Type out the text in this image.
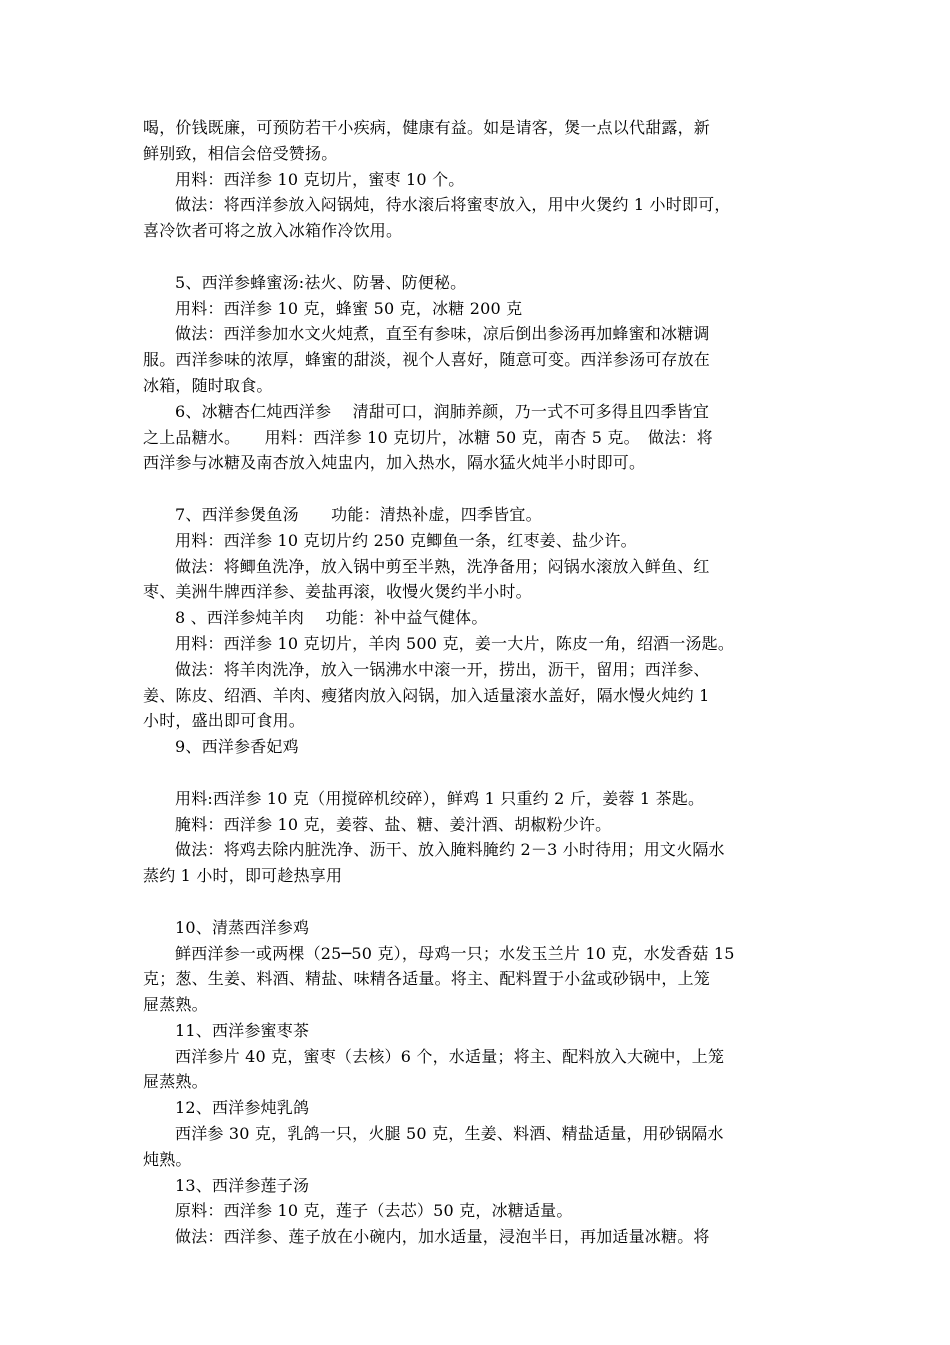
喝，价钱既廉，可预防若干小疾病，健康有益。如是请客，煲一点以代甜露，新
鲜别致，相信会倍受赞扬。
用料：西洋参 10 克切片，蜜枣 10 个。
做法：将西洋参放入闷锅炖，待水滚后将蜜枣放入，用中火煲约 1 小时即可，
喜冷饮者可将之放入冰箱作冷饮用。
5、西洋参蜂蜜汤:祛火、防暑、防便秘。
用料：西洋参 10 克，蜂蜜 50 克，冰糖 200 克
做法：西洋参加水文火炖煮，直至有参味，凉后倒出参汤再加蜂蜜和冰糖调
服。西洋参味的浓厚，蜂蜜的甜淡，视个人喜好，随意可变。西洋参汤可存放在
冰箱，随时取食。
6、冰糖杏仁炖西洋参　 清甜可口，润肺养颜，乃一式不可多得且四季皆宜
之上品糖水。　　用料：西洋参 10 克切片，冰糖 50 克，南杏 5 克。　做法：将
西洋参与冰糖及南杏放入炖盅内，加入热水，隔水猛火炖半小时即可。
7、西洋参煲鱼汤　　功能：清热补虚，四季皆宜。
用料：西洋参 10 克切片约 250 克鲫鱼一条，红枣姜、盐少许。
做法：将鲫鱼洗净，放入锅中剪至半熟，洗净备用；闷锅水滚放入鲜鱼、红
枣、美洲牛牌西洋参、姜盐再滚，收慢火煲约半小时。
8 、西洋参炖羊肉　 功能：补中益气健体。
用料：西洋参 10 克切片，羊肉 500 克，姜一大片，陈皮一角，绍酒一汤匙。
做法：将羊肉洗净，放入一锅沸水中滚一开，捞出，沥干，留用；西洋参、
姜、陈皮、绍酒、羊肉、瘦猪肉放入闷锅，加入适量滚水盖好，隔水慢火炖约 1
小时，盛出即可食用。
9、西洋参香妃鸡
用料:西洋参 10 克（用搅碎机绞碎），鲜鸡 1 只重约 2 斤，姜蓉 1 茶匙。
腌料：西洋参 10 克，姜蓉、盐、糖、姜汁酒、胡椒粉少许。
做法：将鸡去除内脏洗净、沥干、放入腌料腌约 2－3 小时待用；用文火隔水
蒸约 1 小时，即可趁热享用
10、清蒸西洋参鸡
鲜西洋参一或两棵（25─50 克），母鸡一只；水发玉兰片 10 克，水发香菇 15
克；葱、生姜、料酒、精盐、味精各适量。将主、配料置于小盆或砂锅中，上笼
屉蒸熟。
11、西洋参蜜枣茶
西洋参片 40 克，蜜枣（去核）6 个，水适量；将主、配料放入大碗中，上笼
屉蒸熟。
12、西洋参炖乳鸽
西洋参 30 克，乳鸽一只，火腿 50 克，生姜、料酒、精盐适量，用砂锅隔水
炖熟。
13、西洋参莲子汤
原料：西洋参 10 克，莲子（去芯）50 克，冰糖适量。
做法：西洋参、莲子放在小碗内，加水适量，浸泡半日，再加适量冰糖。将
